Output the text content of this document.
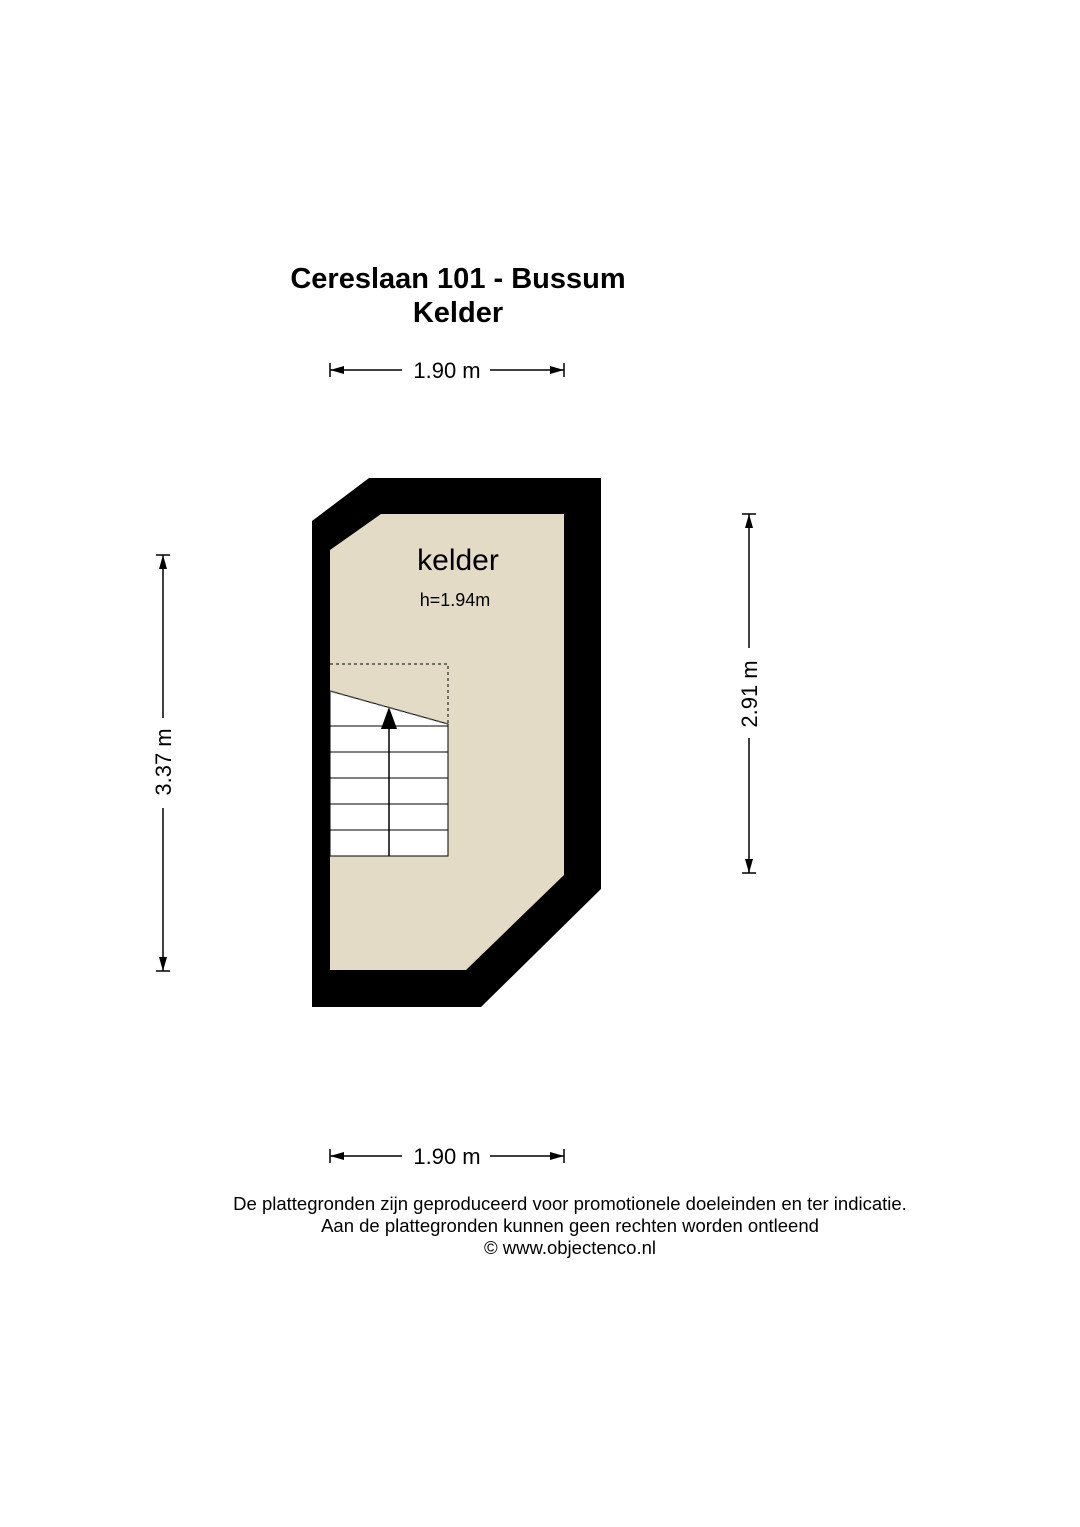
Cereslaan 101 - Bussum
Kelder
1.90 m
3.37 m
2.91 m
kelder
h=1.94m
1.90 m
De plattegronden zijn geproduceerd voor promotionele doeleinden en ter indicatie.
Aan de plattegronden kunnen geen rechten worden ontleend
© www.objectenco.nl
